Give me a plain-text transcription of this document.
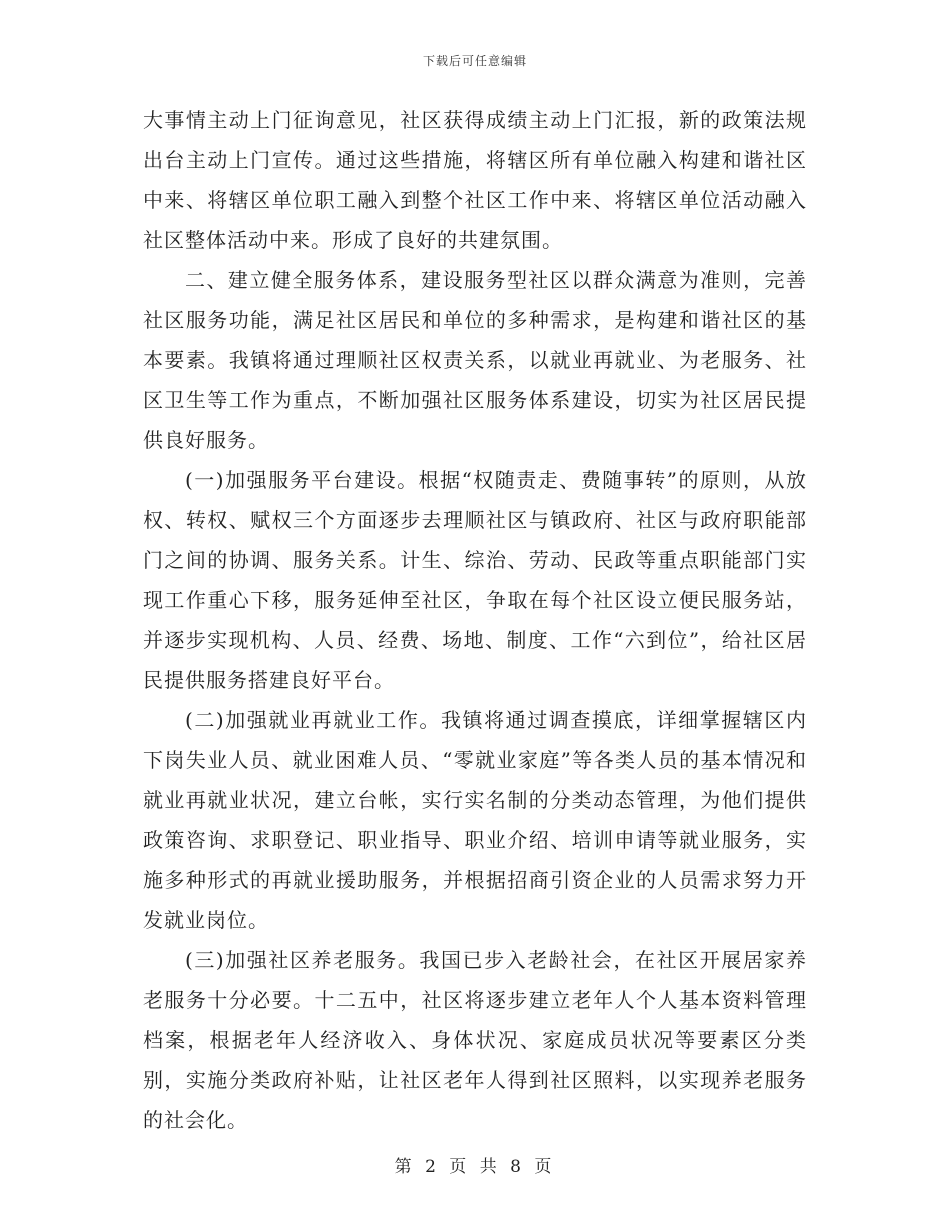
下载后可任意编辑

大事情主动上门征询意见，社区获得成绩主动上门汇报，新的政策法规出台主动上门宣传。通过这些措施，将辖区所有单位融入构建和谐社区中来、将辖区单位职工融入到整个社区工作中来、将辖区单位活动融入社区整体活动中来。形成了良好的共建氛围。

二、建立健全服务体系，建设服务型社区以群众满意为准则，完善社区服务功能，满足社区居民和单位的多种需求，是构建和谐社区的基本要素。我镇将通过理顺社区权责关系，以就业再就业、为老服务、社区卫生等工作为重点，不断加强社区服务体系建设，切实为社区居民提供良好服务。

(一)加强服务平台建设。根据“权随责走、费随事转”的原则，从放权、转权、赋权三个方面逐步去理顺社区与镇政府、社区与政府职能部门之间的协调、服务关系。计生、综治、劳动、民政等重点职能部门实现工作重心下移，服务延伸至社区，争取在每个社区设立便民服务站，并逐步实现机构、人员、经费、场地、制度、工作“六到位”，给社区居民提供服务搭建良好平台。

(二)加强就业再就业工作。我镇将通过调查摸底，详细掌握辖区内下岗失业人员、就业困难人员、“零就业家庭”等各类人员的基本情况和就业再就业状况，建立台帐，实行实名制的分类动态管理，为他们提供政策咨询、求职登记、职业指导、职业介绍、培训申请等就业服务，实施多种形式的再就业援助服务，并根据招商引资企业的人员需求努力开发就业岗位。

(三)加强社区养老服务。我国已步入老龄社会，在社区开展居家养老服务十分必要。十二五中，社区将逐步建立老年人个人基本资料管理档案，根据老年人经济收入、身体状况、家庭成员状况等要素区分类别，实施分类政府补贴，让社区老年人得到社区照料，以实现养老服务的社会化。

第 2 页 共 8 页
